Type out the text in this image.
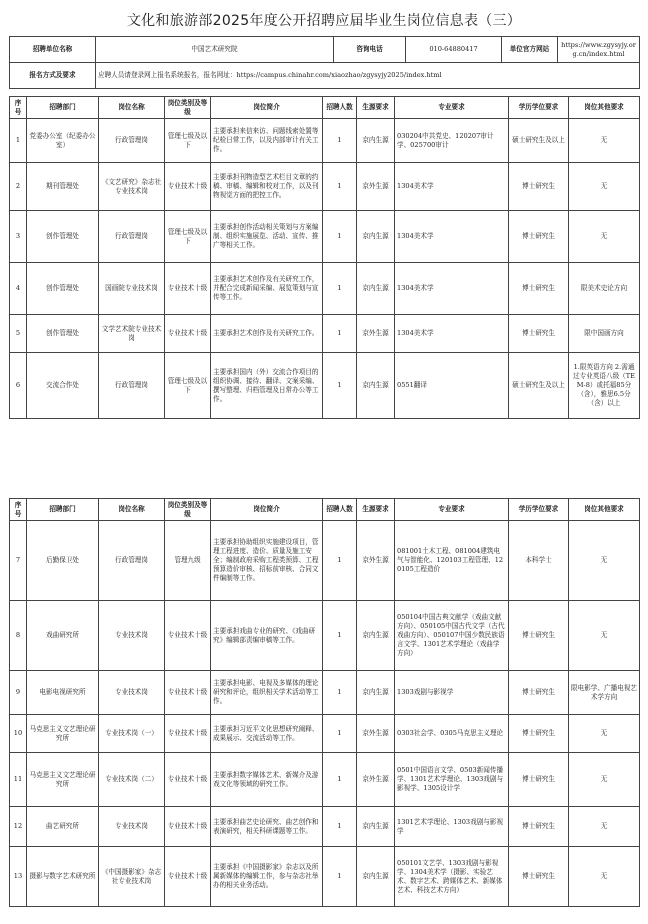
文化和旅游部2025年度公开招聘应届毕业生岗位信息表（三）
招聘单位名称	中国艺术研究院	咨询电话	010-64880417	单位官方网站	https://www.zgysyjy.org.cn/index.html
报名方式及要求	应聘人员请登录网上报名系统报名，报名网址：https://campus.chinahr.com/xiaozhao/zgysyjy2025/index.html				
序号	招聘部门	岗位名称	岗位类别及等级	岗位简介	招聘人数	生源要求	专业要求	学历学位要求	岗位其他要求
1	党委办公室（纪委办公室）	行政管理岗	管理七级及以下	主要承担来信来访、问题线索处置等纪检日常工作，以及内部审计有关工作。	1	京内生源	030204中共党史、120207审计学、025700审计	硕士研究生及以上	无
2	期刊管理处	《文艺研究》杂志社专业技术岗	专业技术十级	主要承担刊物造型艺术栏目文章的约稿、审稿、编辑和校对工作，以及刊物视觉方面的把控工作。	1	京外生源	1304美术学	博士研究生	无
3	创作管理处	行政管理岗	管理七级及以下	主要承担创作活动相关策划与方案编制、组织实施展览、活动、宣传、推广等相关工作。	1	京内生源	1304美术学	博士研究生	无
4	创作管理处	国画院专业技术岗	专业技术十级	主要承担艺术创作及有关研究工作，并配合完成新闻采编、展览策划与宣传等工作。	1	京内生源	1304美术学	博士研究生	限美术史论方向
5	创作管理处	文学艺术院专业技术岗	专业技术十级	主要承担艺术创作及有关研究工作。	1	京外生源	1304美术学	博士研究生	限中国画方向
6	交流合作处	行政管理岗	管理七级及以下	主要承担国内（外）交流合作项目的组织协调、接待、翻译、文案采编、撰写整理、归档管理及日常办公等工作。	1	京内生源	0551翻译	硕士研究生及以上	1.限英语方向 2.需通过专业英语八级（TEM-8）或托福85分（含），雅思6.5分（含）以上
序号	招聘部门	岗位名称	岗位类别及等级	岗位简介	招聘人数	生源要求	专业要求	学历学位要求	岗位其他要求
7	后勤保卫处	行政管理岗	管理九级	主要承担协助组织实施建设项目，管理工程进度、造价、质量及施工安全；编制政府采购工程类预算、工程预算造价审核、招标前审核、合同文件编制等工作。	1	京外生源	081001土木工程、081004建筑电气与智能化、120103工程管理、120105工程造价	本科学士	无
8	戏曲研究所	专业技术岗	专业技术十级	主要承担戏曲专业的研究、《戏曲研究》编辑部责编审稿等工作。	1	京内生源	050104中国古典文献学（戏曲文献方向）、050105中国古代文学（古代戏曲方向）、050107中国少数民族语言文学、1301艺术学理论（戏曲学方向）	博士研究生	无
9	电影电视研究所	专业技术岗	专业技术十级	主要承担电影、电视及多媒体的理论研究和评论，组织相关学术活动等工作。	1	京内生源	1303戏剧与影视学	博士研究生	限电影学、广播电视艺术学方向
10	马克思主义文艺理论研究所	专业技术岗（一）	专业技术十级	主要承担习近平文化思想研究阐释、成果展示、交流活动等工作。	1	京外生源	0303社会学、0305马克思主义理论	博士研究生	无
11	马克思主义文艺理论研究所	专业技术岗（二）	专业技术十级	主要承担数字媒体艺术、新媒介及游戏文化等领域的研究工作。	1	京外生源	0501中国语言文学、0503新闻传播学、1301艺术学理论、1303戏剧与影视学、1305设计学	博士研究生	无
12	曲艺研究所	专业技术岗	专业技术十级	主要承担曲艺史论研究、曲艺创作和表演研究，相关科研课题等工作。	1	京内生源	1301艺术学理论、1303戏剧与影视学	博士研究生	无
13	摄影与数字艺术研究所	《中国摄影家》杂志社专业技术岗	专业技术十级	主要承担《中国摄影家》杂志以及所属新媒体的编辑工作，参与杂志社举办的相关业务活动。	1	京内生源	050101文艺学、1303戏剧与影视学、1304美术学（摄影、实验艺术、数字艺术、跨媒体艺术、新媒体艺术、科技艺术方向）	博士研究生	无
